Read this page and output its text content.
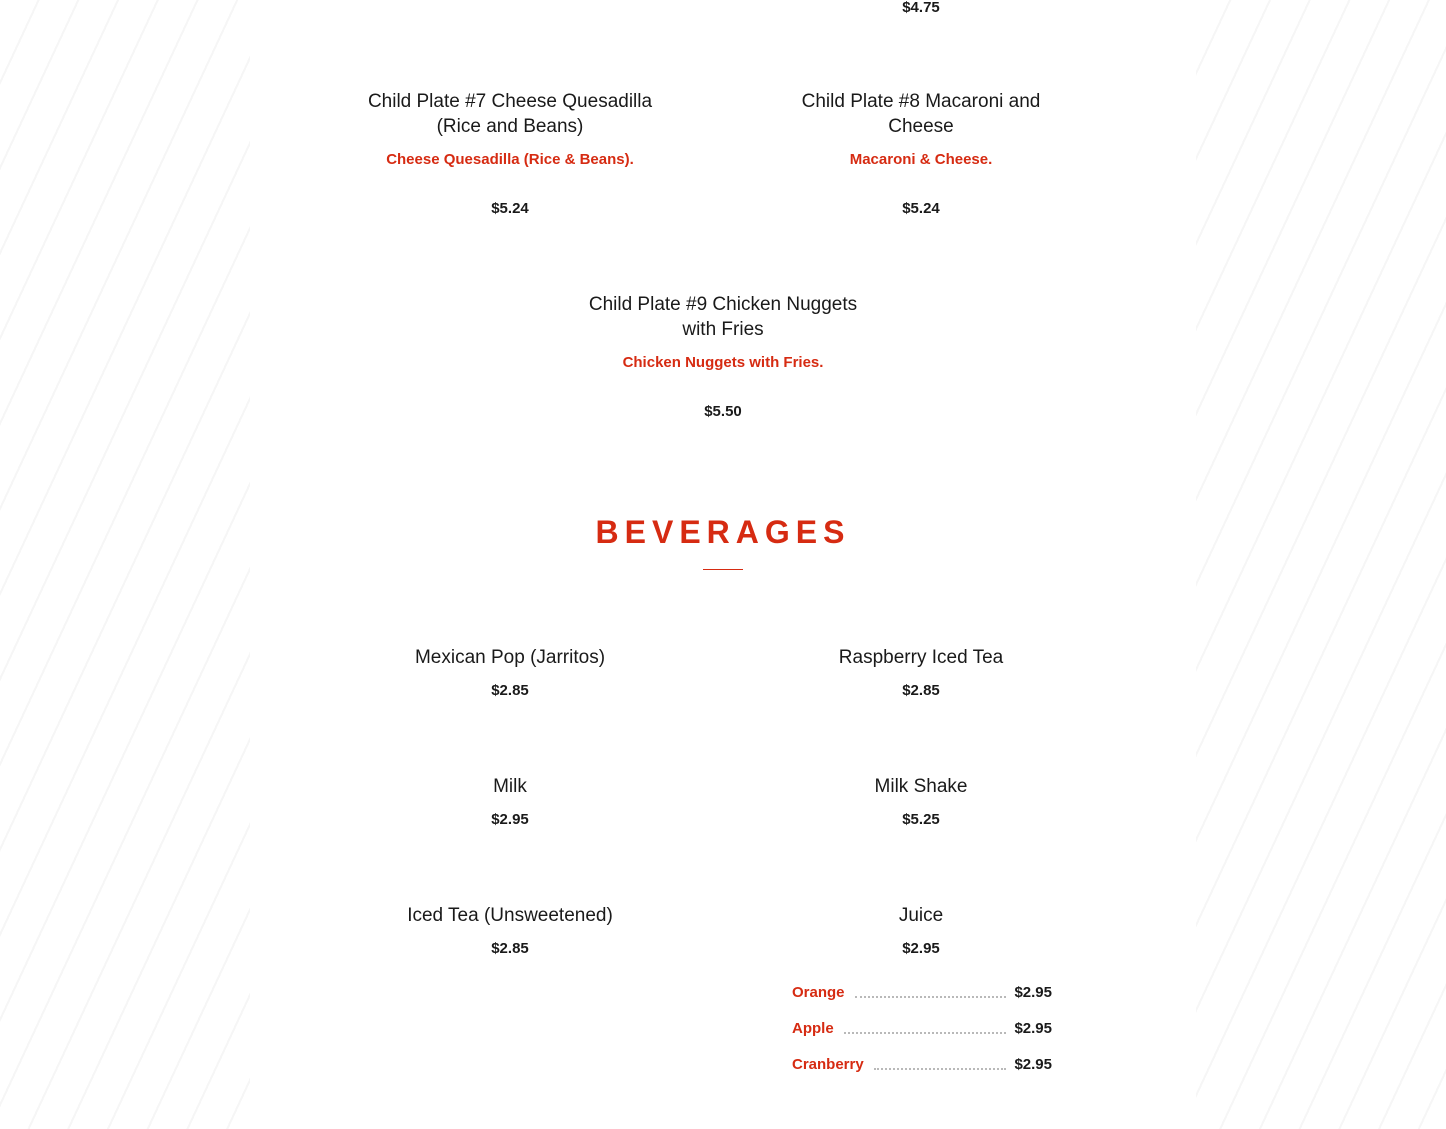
$4.75

Child Plate #7 Cheese Quesadilla
(Rice and Beans)

Cheese Quesadilla (Rice & Beans).

$5.24

Child Plate #8 Macaroni and
Cheese

Macaroni & Cheese.

$5.24

Child Plate #9 Chicken Nuggets
with Fries

Chicken Nuggets with Fries.

$5.50

BEVERAGES

Mexican Pop (Jarritos)

$2.85

Raspberry Iced Tea

$2.85

Milk

$2.95

Milk Shake

$5.25

Iced Tea (Unsweetened)

$2.85

Juice

$2.95

Orange	$2.95
Apple	$2.95
Cranberry	$2.95
